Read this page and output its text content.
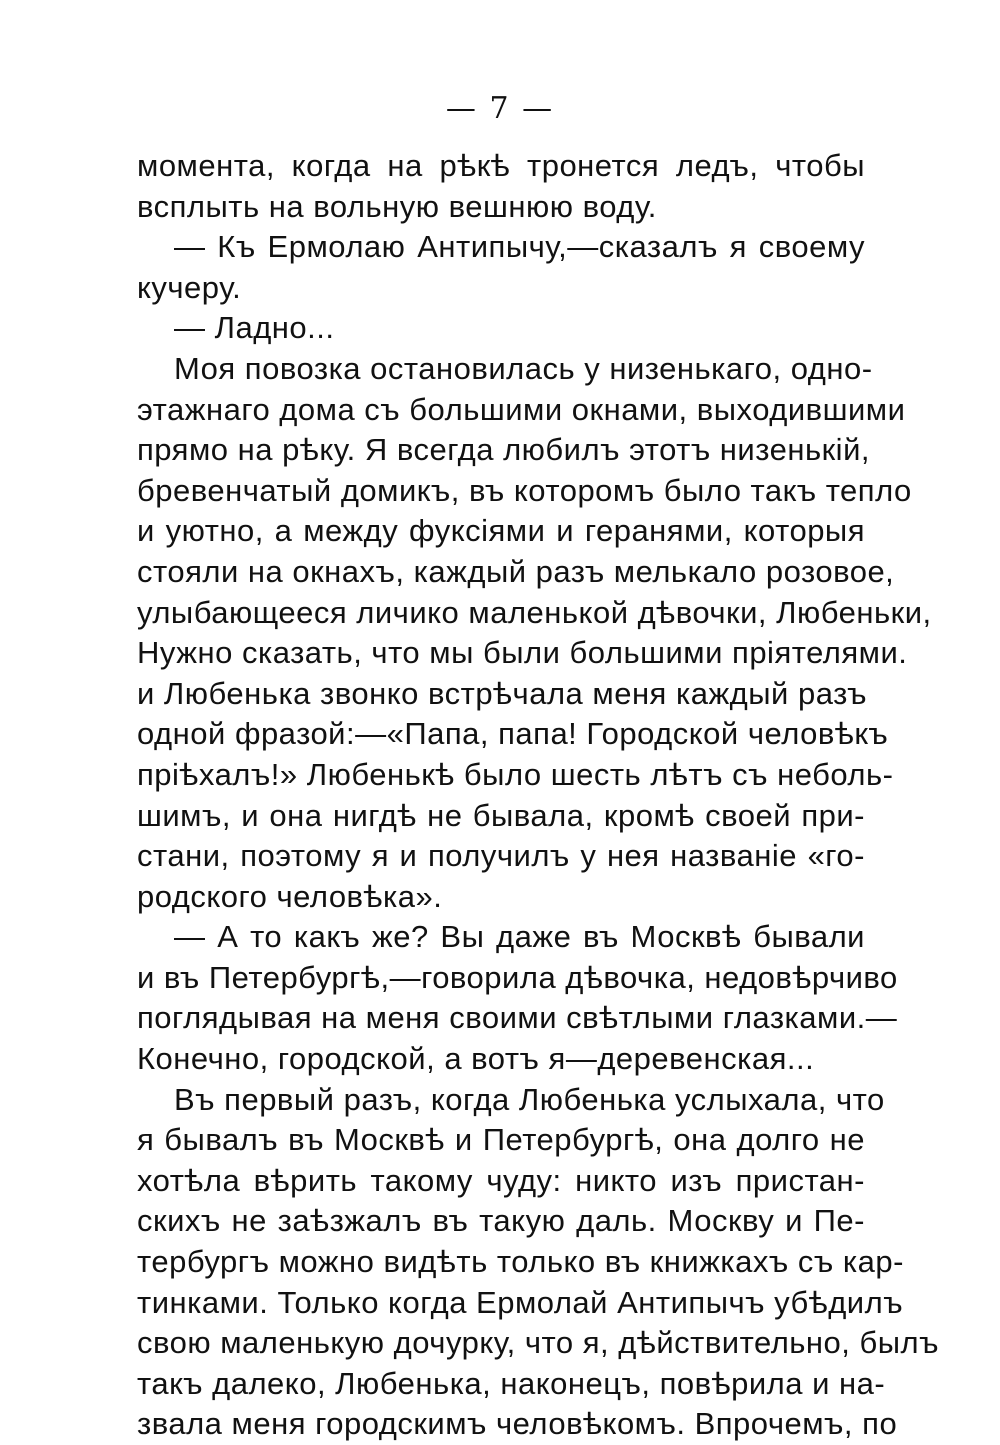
— 7 —
момента, когда на рѣкѣ тронется ледъ, чтобы
всплыть на вольную вешнюю воду.
— Къ Ермолаю Антипычу,—сказалъ я своему
кучеру.
— Ладно...
Моя повозка остановилась у низенькаго, одно-
этажнаго дома съ большими окнами, выходившими
прямо на рѣку. Я всегда любилъ этотъ низенькій,
бревенчатый домикъ, въ которомъ было такъ тепло
и уютно, а между фуксіями и геранями, которыя
стояли на окнахъ, каждый разъ мелькало розовое,
улыбающееся личико маленькой дѣвочки, Любеньки,
Нужно сказать, что мы были большими пріятелями.
и Любенька звонко встрѣчала меня каждый разъ
одной фразой:—«Папа, папа! Городской человѣкъ
пріѣхалъ!» Любенькѣ было шесть лѣтъ съ неболь-
шимъ, и она нигдѣ не бывала, кромѣ своей при-
стани, поэтому я и получилъ у нея названіе «го-
родского человѣка».
— А то какъ же? Вы даже въ Москвѣ бывали
и въ Петербургѣ,—говорила дѣвочка, недовѣрчиво
поглядывая на меня своими свѣтлыми глазками.—
Конечно, городской, а вотъ я—деревенская...
Въ первый разъ, когда Любенька услыхала, что
я бывалъ въ Москвѣ и Петербургѣ, она долго не
хотѣла вѣрить такому чуду: никто изъ пристан-
скихъ не заѣзжалъ въ такую даль. Москву и Пе-
тербургъ можно видѣть только въ книжкахъ съ кар-
тинками. Только когда Ермолай Антипычъ убѣдилъ
свою маленькую дочурку, что я, дѣйствительно, былъ
такъ далеко, Любенька, наконецъ, повѣрила и на-
звала меня городскимъ человѣкомъ. Впрочемъ, по
